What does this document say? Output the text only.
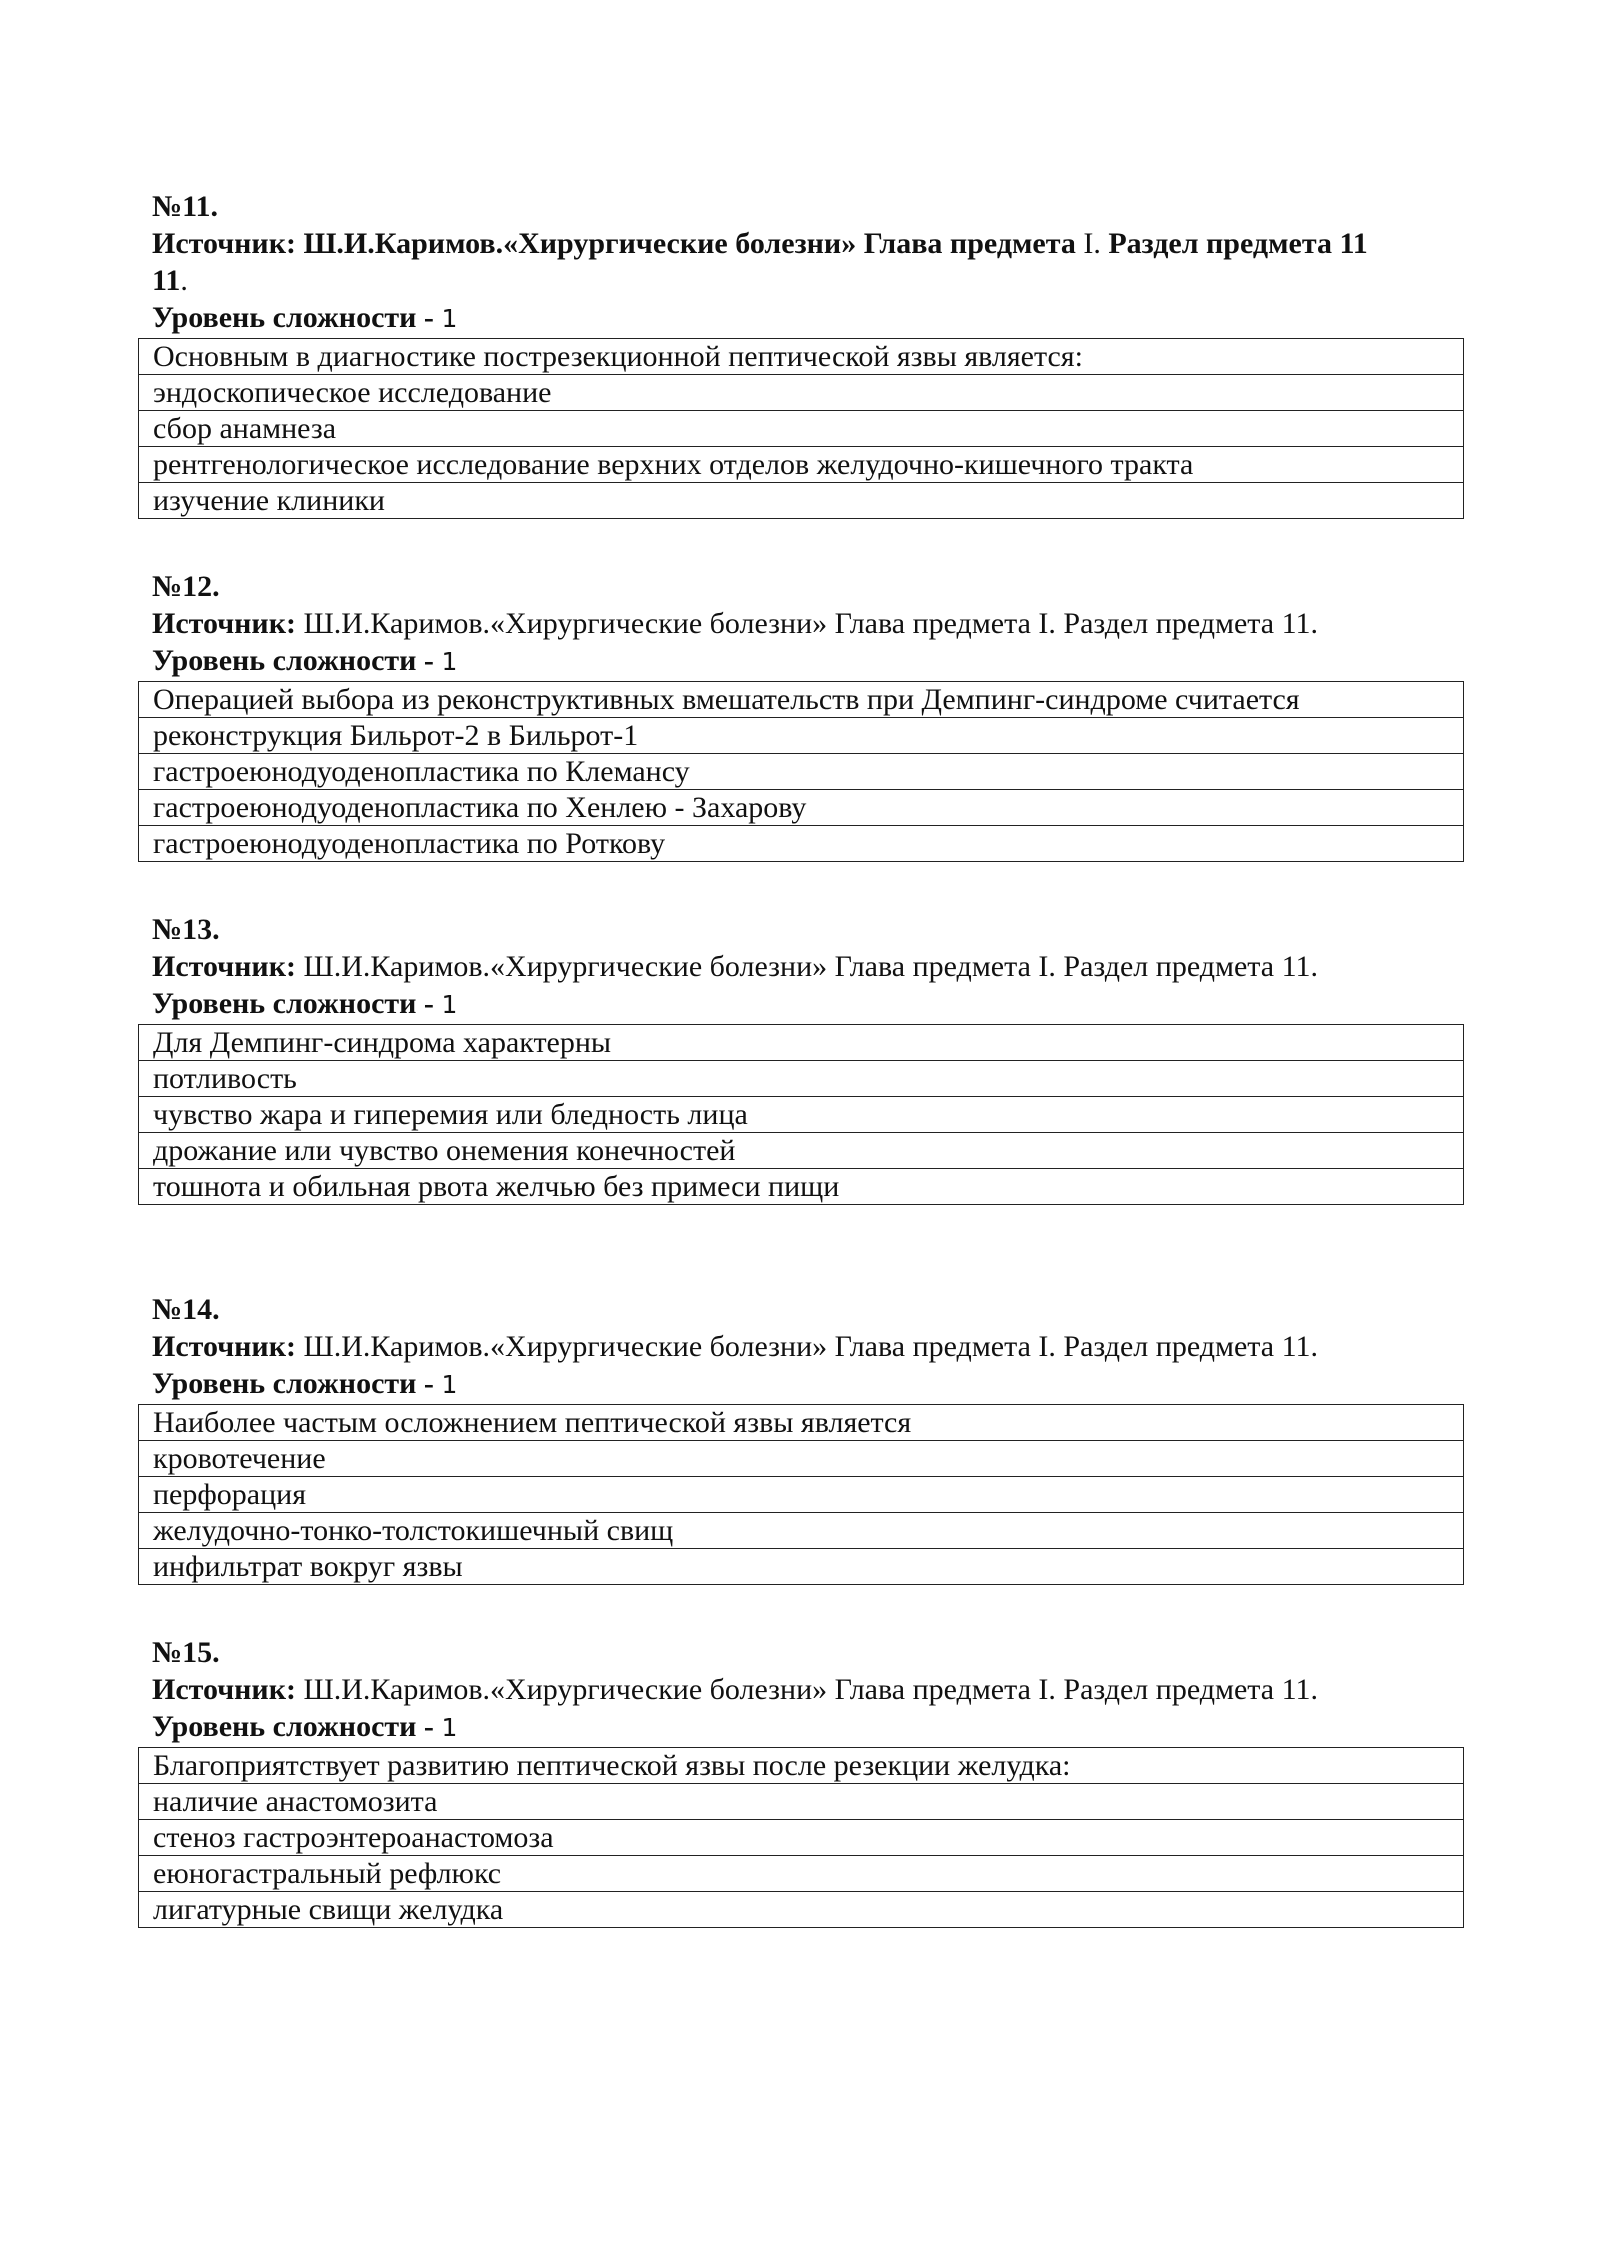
№11.
Источник: Ш.И.Каримов.«Хирургические болезни» Глава предмета I. Раздел предмета 11
11.
Уровень сложности - 1
Основным в диагностике пострезекционной пептической язвы является:
эндоскопическое исследование
сбор анамнеза
рентгенологическое исследование верхних отделов желудочно-кишечного тракта
изучение клиники
№12.
Источник: Ш.И.Каримов.«Хирургические болезни» Глава предмета I. Раздел предмета 11.
Уровень сложности - 1
Операцией выбора из реконструктивных вмешательств при Демпинг-синдроме считается
реконструкция Бильрот-2 в Бильрот-1
гастроеюнодуоденопластика по Клемансу
гастроеюнодуоденопластика по Хенлею - Захарову
гастроеюнодуоденопластика по Роткову
№13.
Источник: Ш.И.Каримов.«Хирургические болезни» Глава предмета I. Раздел предмета 11.
Уровень сложности - 1
Для Демпинг-синдрома характерны
потливость
чувство жара и гиперемия или бледность лица
дрожание или чувство онемения конечностей
тошнота и обильная рвота желчью без примеси пищи
№14.
Источник: Ш.И.Каримов.«Хирургические болезни» Глава предмета I. Раздел предмета 11.
Уровень сложности - 1
Наиболее частым осложнением пептической язвы является
кровотечение
перфорация
желудочно-тонко-толстокишечный свищ
инфильтрат вокруг язвы
№15.
Источник: Ш.И.Каримов.«Хирургические болезни» Глава предмета I. Раздел предмета 11.
Уровень сложности - 1
Благоприятствует развитию пептической язвы после резекции желудка:
наличие анастомозита
стеноз гастроэнтероанастомоза
еюногастральный рефлюкс
лигатурные свищи желудка
